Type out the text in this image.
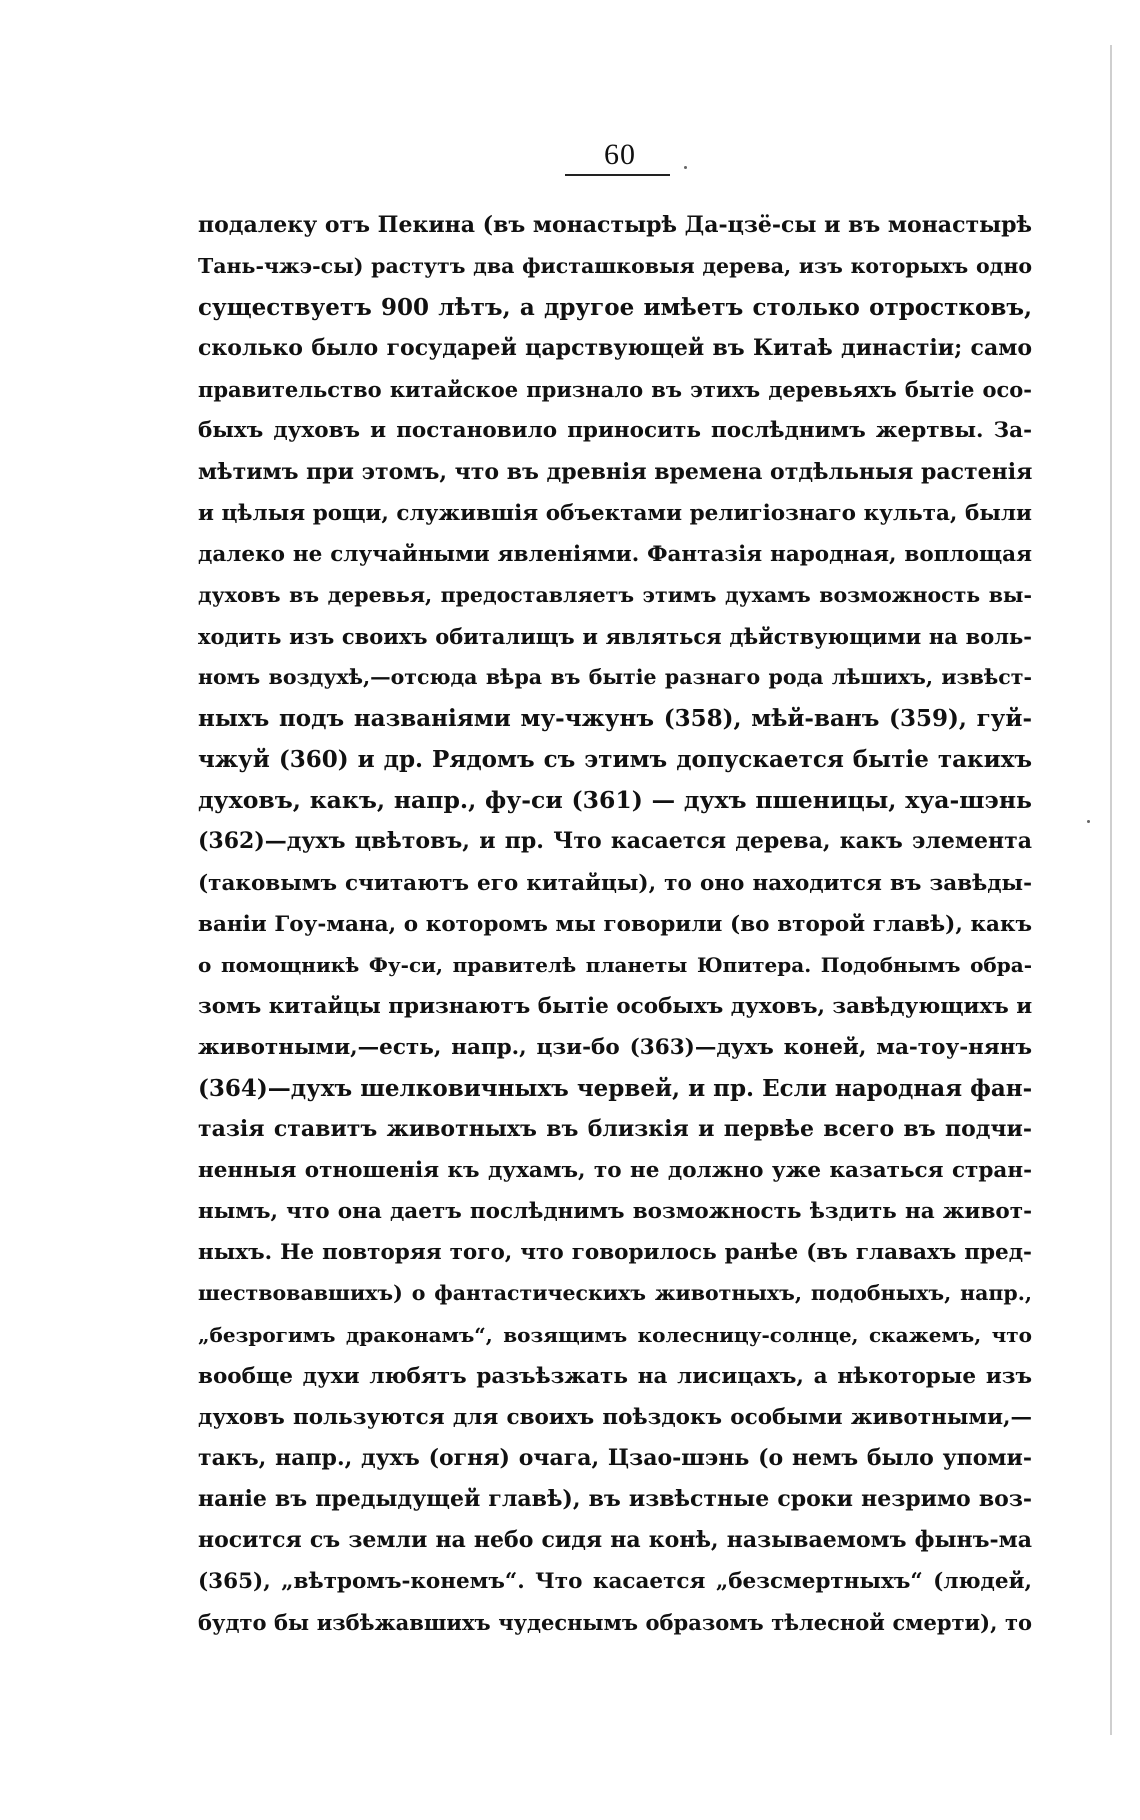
60
подалеку отъ Пекина (въ монастырѣ Да-цзё-сы и въ монастырѣ
Тань-чжэ-сы) растутъ два фисташковыя дерева, изъ которыхъ одно
существуетъ 900 лѣтъ, а другое имѣетъ столько отростковъ,
сколько было государей царствующей въ Китаѣ династіи; само
правительство китайское признало въ этихъ деревьяхъ бытіе осо-
быхъ духовъ и постановило приносить послѣднимъ жертвы. За-
мѣтимъ при этомъ, что въ древнія времена отдѣльныя растенія
и цѣлыя рощи, служившія объектами религіознаго культа, были
далеко не случайными явленіями. Фантазія народная, воплощая
духовъ въ деревья, предоставляетъ этимъ духамъ возможность вы-
ходить изъ своихъ обиталищъ и являться дѣйствующими на воль-
номъ воздухѣ,—отсюда вѣра въ бытіе разнаго рода лѣшихъ, извѣст-
ныхъ подъ названіями му-чжунъ (358), мѣй-ванъ (359), гуй-
чжуй (360) и др. Рядомъ съ этимъ допускается бытіе такихъ
духовъ, какъ, напр., фу-си (361) — духъ пшеницы, хуа-шэнь
(362)—духъ цвѣтовъ, и пр. Что касается дерева, какъ элемента
(таковымъ считаютъ его китайцы), то оно находится въ завѣды-
ваніи Гоу-мана, о которомъ мы говорили (во второй главѣ), какъ
о помощникѣ Фу-си, правителѣ планеты Юпитера. Подобнымъ обра-
зомъ китайцы признаютъ бытіе особыхъ духовъ, завѣдующихъ и
животными,—есть, напр., цзи-бо (363)—духъ коней, ма-тоу-нянъ
(364)—духъ шелковичныхъ червей, и пр. Если народная фан-
тазія ставитъ животныхъ въ близкія и первѣе всего въ подчи-
ненныя отношенія къ духамъ, то не должно уже казаться стран-
нымъ, что она даетъ послѣднимъ возможность ѣздить на живот-
ныхъ. Не повторяя того, что говорилось ранѣе (въ главахъ пред-
шествовавшихъ) о фантастическихъ животныхъ, подобныхъ, напр.,
„безрогимъ драконамъ“, возящимъ колесницу-солнце, скажемъ, что
вообще духи любятъ разъѣзжать на лисицахъ, а нѣкоторые изъ
духовъ пользуются для своихъ поѣздокъ особыми животными,—
такъ, напр., духъ (огня) очага, Цзао-шэнь (о немъ было упоми-
наніе въ предыдущей главѣ), въ извѣстные сроки незримо воз-
носится съ земли на небо сидя на конѣ, называемомъ фынъ-ма
(365), „вѣтромъ-конемъ“. Что касается „безсмертныхъ“ (людей,
будто бы избѣжавшихъ чудеснымъ образомъ тѣлесной смерти), то
